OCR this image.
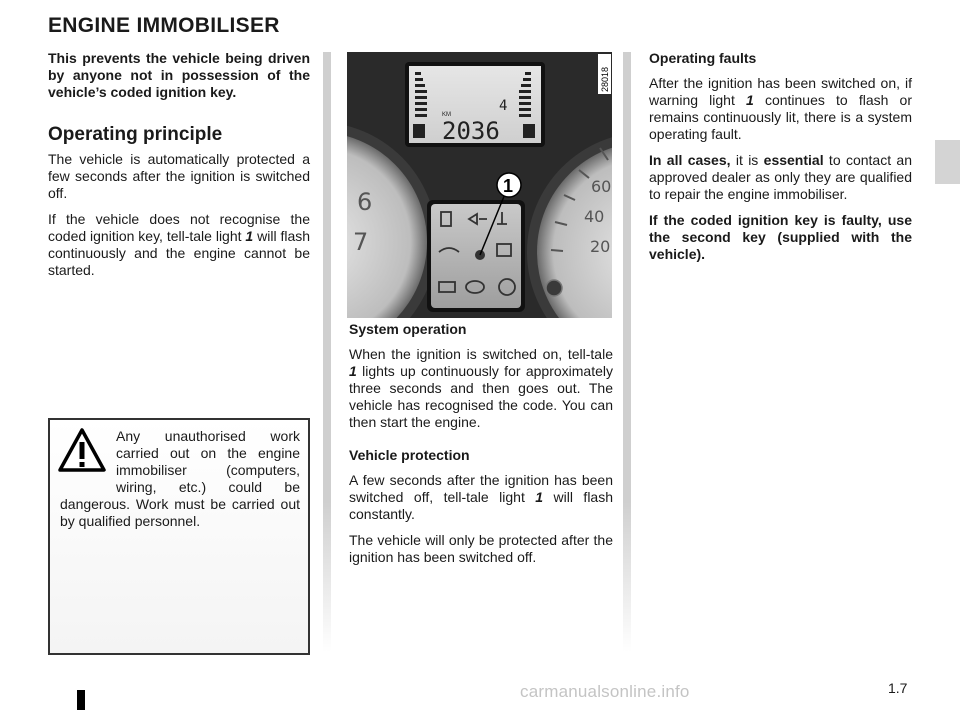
ENGINE IMMOBILISER
This prevents the vehicle being driven by anyone not in possession of the vehicle’s coded ignition key.
Operating principle

The vehicle is automatically protected a few seconds after the ignition is switched off.

If the vehicle does not recognise the coded ignition key, tell-tale light 1 will flash continuously and the engine cannot be started.

Any unauthorised work carried out on the engine immobiliser (computers, wiring, etc.) could be dangerous. Work must be carried out by qualified personnel.
KM
2036
4
6
7
60
40
20
1
28018

System operation

When the ignition is switched on, tell-tale 1 lights up continuously for approximately three seconds and then goes out. The vehicle has recognised the code. You can then start the engine.

Vehicle protection

A few seconds after the ignition has been switched off, tell-tale light 1 will flash constantly.

The vehicle will only be protected after the ignition has been switched off.

Operating faults

After the ignition has been switched on, if warning light 1 continues to flash or remains continuously lit, there is a system operating fault.

In all cases, it is essential to contact an approved dealer as only they are qualified to repair the engine immobiliser.

If the coded ignition key is faulty, use the second key (supplied with the vehicle).

1.7
carmanualsonline.info
